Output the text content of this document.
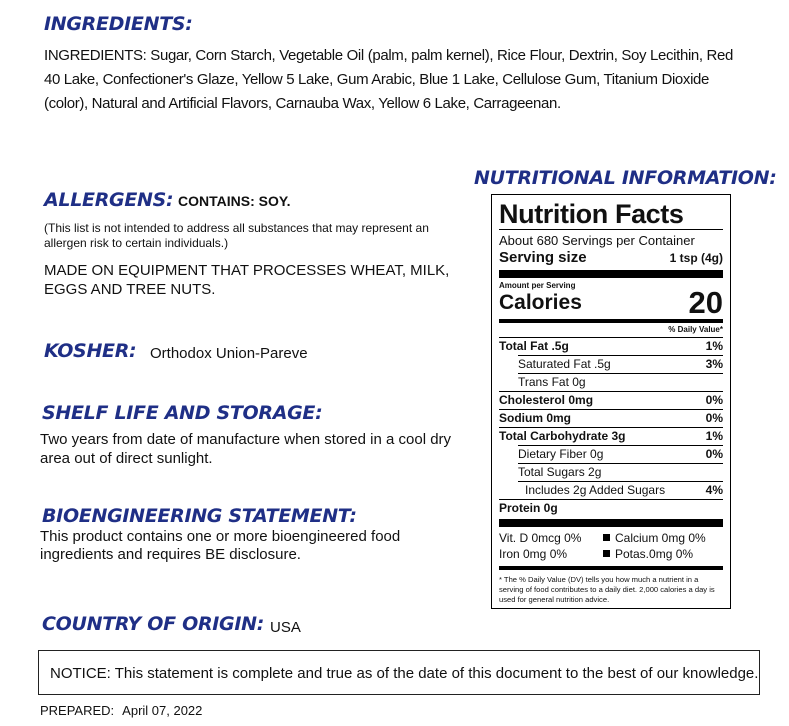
INGREDIENTS:
INGREDIENTS: Sugar, Corn Starch, Vegetable Oil (palm, palm kernel), Rice Flour, Dextrin, Soy Lecithin, Red 40 Lake, Confectioner's Glaze, Yellow 5 Lake, Gum Arabic, Blue 1 Lake, Cellulose Gum, Titanium Dioxide (color), Natural and Artificial Flavors, Carnauba Wax, Yellow 6 Lake, Carrageenan.
ALLERGENS: CONTAINS: SOY.
(This list is not intended to address all substances that may represent an allergen risk to certain individuals.)
MADE ON EQUIPMENT THAT PROCESSES WHEAT, MILK, EGGS AND TREE NUTS.
KOSHER: Orthodox Union-Pareve
SHELF LIFE AND STORAGE:
Two years from date of manufacture when stored in a cool dry area out of direct sunlight.
BIOENGINEERING STATEMENT:
This product contains one or more bioengineered food ingredients and requires BE disclosure.
COUNTRY OF ORIGIN: USA
NOTICE: This statement is complete and true as of the date of this document to the best of our knowledge.
PREPARED: April 07, 2022
NUTRITIONAL INFORMATION:
Nutrition Facts
About 680 Servings per Container
Serving size	1 tsp (4g)
Amount per Serving
Calories	20
% Daily Value*
Total Fat .5g	1%
Saturated Fat .5g	3%
Trans Fat 0g
Cholesterol 0mg	0%
Sodium 0mg	0%
Total Carbohydrate 3g	1%
Dietary Fiber 0g	0%
Total Sugars 2g
Includes 2g Added Sugars	4%
Protein 0g
Vit. D 0mcg 0%	Calcium 0mg 0%
Iron 0mg 0%	Potas.0mg 0%
* The % Daily Value (DV) tells you how much a nutrient in a serving of food contributes to a daily diet. 2,000 calories a day is used for general nutrition advice.
